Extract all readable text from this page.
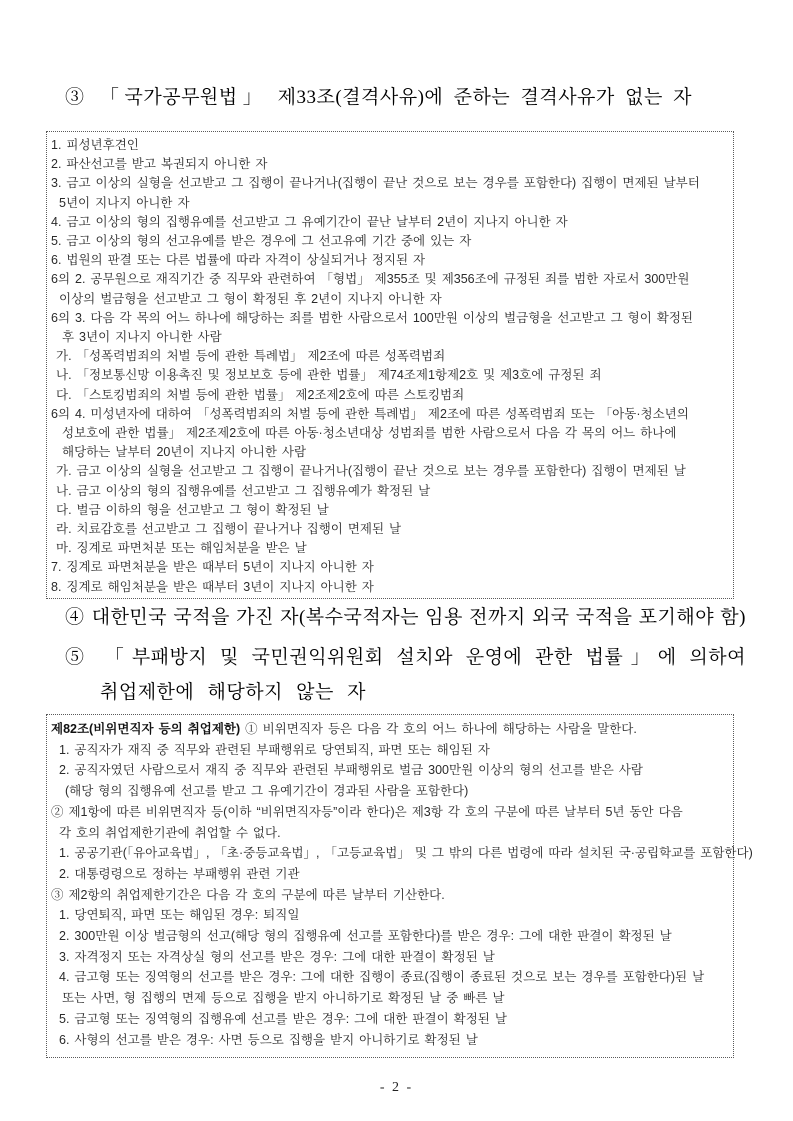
③ 「국가공무원법」 제33조(결격사유)에 준하는 결격사유가 없는 자
1. 피성년후견인
2. 파산선고를 받고 복권되지 아니한 자
3. 금고 이상의 실형을 선고받고 그 집행이 끝나거나(집행이 끝난 것으로 보는 경우를 포함한다) 집행이 면제된 날부터
5년이 지나지 아니한 자
4. 금고 이상의 형의 집행유예를 선고받고 그 유예기간이 끝난 날부터 2년이 지나지 아니한 자
5. 금고 이상의 형의 선고유예를 받은 경우에 그 선고유예 기간 중에 있는 자
6. 법원의 판결 또는 다른 법률에 따라 자격이 상실되거나 정지된 자
6의 2. 공무원으로 재직기간 중 직무와 관련하여 「형법」 제355조 및 제356조에 규정된 죄를 범한 자로서 300만원
이상의 벌금형을 선고받고 그 형이 확정된 후 2년이 지나지 아니한 자
6의 3. 다음 각 목의 어느 하나에 해당하는 죄를 범한 사람으로서 100만원 이상의 벌금형을 선고받고 그 형이 확정된
후 3년이 지나지 아니한 사람
가. 「성폭력범죄의 처벌 등에 관한 특례법」 제2조에 따른 성폭력범죄
나. 「정보통신망 이용촉진 및 정보보호 등에 관한 법률」 제74조제1항제2호 및 제3호에 규정된 죄
다. 「스토킹범죄의 처벌 등에 관한 법률」 제2조제2호에 따른 스토킹범죄
6의 4. 미성년자에 대하여 「성폭력범죄의 처벌 등에 관한 특례법」 제2조에 따른 성폭력범죄 또는 「아동·청소년의
성보호에 관한 법률」 제2조제2호에 따른 아동·청소년대상 성범죄를 범한 사람으로서 다음 각 목의 어느 하나에
해당하는 날부터 20년이 지나지 아니한 사람
가. 금고 이상의 실형을 선고받고 그 집행이 끝나거나(집행이 끝난 것으로 보는 경우를 포함한다) 집행이 면제된 날
나. 금고 이상의 형의 집행유예를 선고받고 그 집행유예가 확정된 날
다. 벌금 이하의 형을 선고받고 그 형이 확정된 날
라. 치료감호를 선고받고 그 집행이 끝나거나 집행이 면제된 날
마. 징계로 파면처분 또는 해임처분을 받은 날
7. 징계로 파면처분을 받은 때부터 5년이 지나지 아니한 자
8. 징계로 해임처분을 받은 때부터 3년이 지나지 아니한 자
④ 대한민국 국적을 가진 자(복수국적자는 임용 전까지 외국 국적을 포기해야 함)
⑤ 「부패방지 및 국민권익위원회 설치와 운영에 관한 법률」에 의하여
취업제한에 해당하지 않는 자
제82조(비위면직자 등의 취업제한) ① 비위면직자 등은 다음 각 호의 어느 하나에 해당하는 사람을 말한다.
1. 공직자가 재직 중 직무와 관련된 부패행위로 당연퇴직, 파면 또는 해임된 자
2. 공직자였던 사람으로서 재직 중 직무와 관련된 부패행위로 벌금 300만원 이상의 형의 선고를 받은 사람
(해당 형의 집행유예 선고를 받고 그 유예기간이 경과된 사람을 포함한다)
② 제1항에 따른 비위면직자 등(이하 “비위면직자등”이라 한다)은 제3항 각 호의 구분에 따른 날부터 5년 동안 다음
각 호의 취업제한기관에 취업할 수 없다.
1. 공공기관(「유아교육법」, 「초·중등교육법」, 「고등교육법」 및 그 밖의 다른 법령에 따라 설치된 국·공립학교를 포함한다)
2. 대통령령으로 정하는 부패행위 관련 기관
③ 제2항의 취업제한기간은 다음 각 호의 구분에 따른 날부터 기산한다.
1. 당연퇴직, 파면 또는 해임된 경우: 퇴직일
2. 300만원 이상 벌금형의 선고(해당 형의 집행유예 선고를 포함한다)를 받은 경우: 그에 대한 판결이 확정된 날
3. 자격정지 또는 자격상실 형의 선고를 받은 경우: 그에 대한 판결이 확정된 날
4. 금고형 또는 징역형의 선고를 받은 경우: 그에 대한 집행이 종료(집행이 종료된 것으로 보는 경우를 포함한다)된 날
또는 사면, 형 집행의 면제 등으로 집행을 받지 아니하기로 확정된 날 중 빠른 날
5. 금고형 또는 징역형의 집행유예 선고를 받은 경우: 그에 대한 판결이 확정된 날
6. 사형의 선고를 받은 경우: 사면 등으로 집행을 받지 아니하기로 확정된 날
- 2 -
